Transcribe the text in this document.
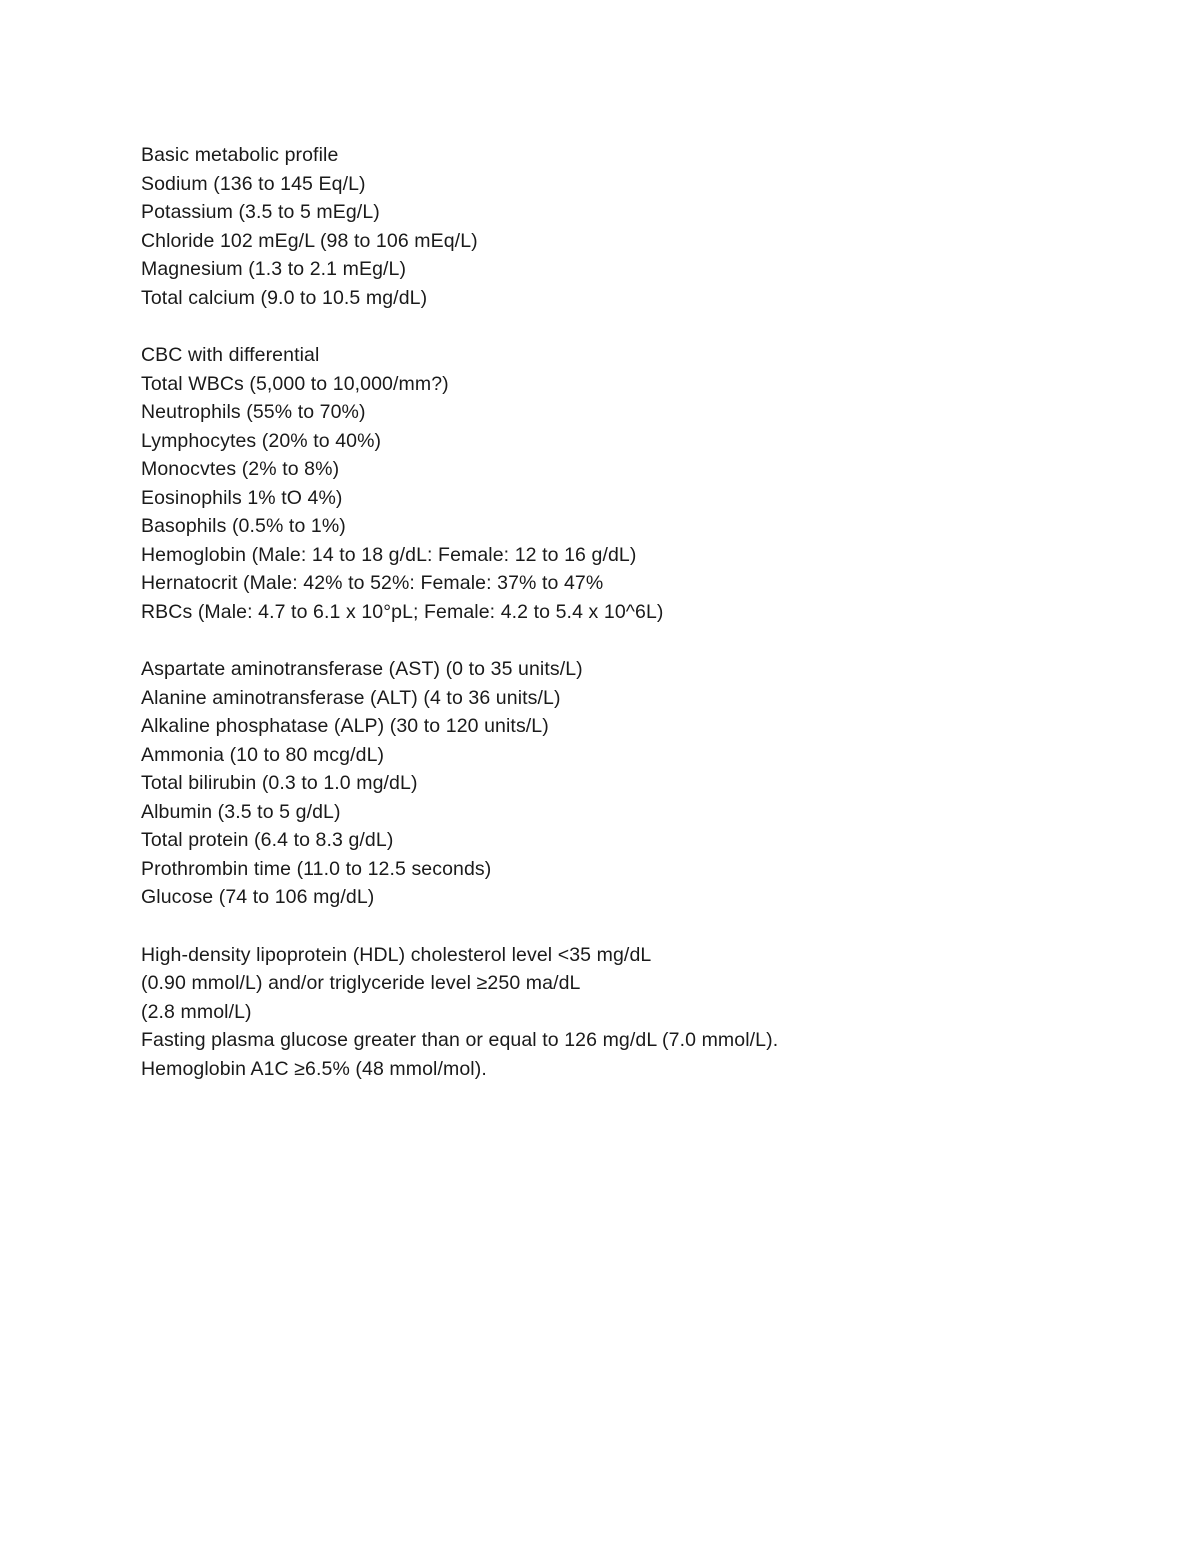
Basic metabolic profile
Sodium (136 to 145 Eq/L)
Potassium (3.5 to 5 mEg/L)
Chloride 102 mEg/L (98 to 106 mEq/L)
Magnesium (1.3 to 2.1 mEg/L)
Total calcium (9.0 to 10.5 mg/dL)
CBC with differential
Total WBCs (5,000 to 10,000/mm?)
Neutrophils (55% to 70%)
Lymphocytes (20% to 40%)
Monocvtes (2% to 8%)
Eosinophils 1% tO 4%)
Basophils (0.5% to 1%)
Hemoglobin (Male: 14 to 18 g/dL: Female: 12 to 16 g/dL)
Hernatocrit (Male: 42% to 52%: Female: 37% to 47%
RBCs (Male: 4.7 to 6.1 x 10°pL; Female: 4.2 to 5.4 x 10^6L)
Aspartate aminotransferase (AST) (0 to 35 units/L)
Alanine aminotransferase (ALT) (4 to 36 units/L)
Alkaline phosphatase (ALP) (30 to 120 units/L)
Ammonia (10 to 80 mcg/dL)
Total bilirubin (0.3 to 1.0 mg/dL)
Albumin (3.5 to 5 g/dL)
Total protein (6.4 to 8.3 g/dL)
Prothrombin time (11.0 to 12.5 seconds)
Glucose (74 to 106 mg/dL)
High-density lipoprotein (HDL) cholesterol level <35 mg/dL
(0.90 mmol/L) and/or triglyceride level ≥250 ma/dL
(2.8 mmol/L)
Fasting plasma glucose greater than or equal to 126 mg/dL (7.0 mmol/L).
Hemoglobin A1C ≥6.5% (48 mmol/mol).
